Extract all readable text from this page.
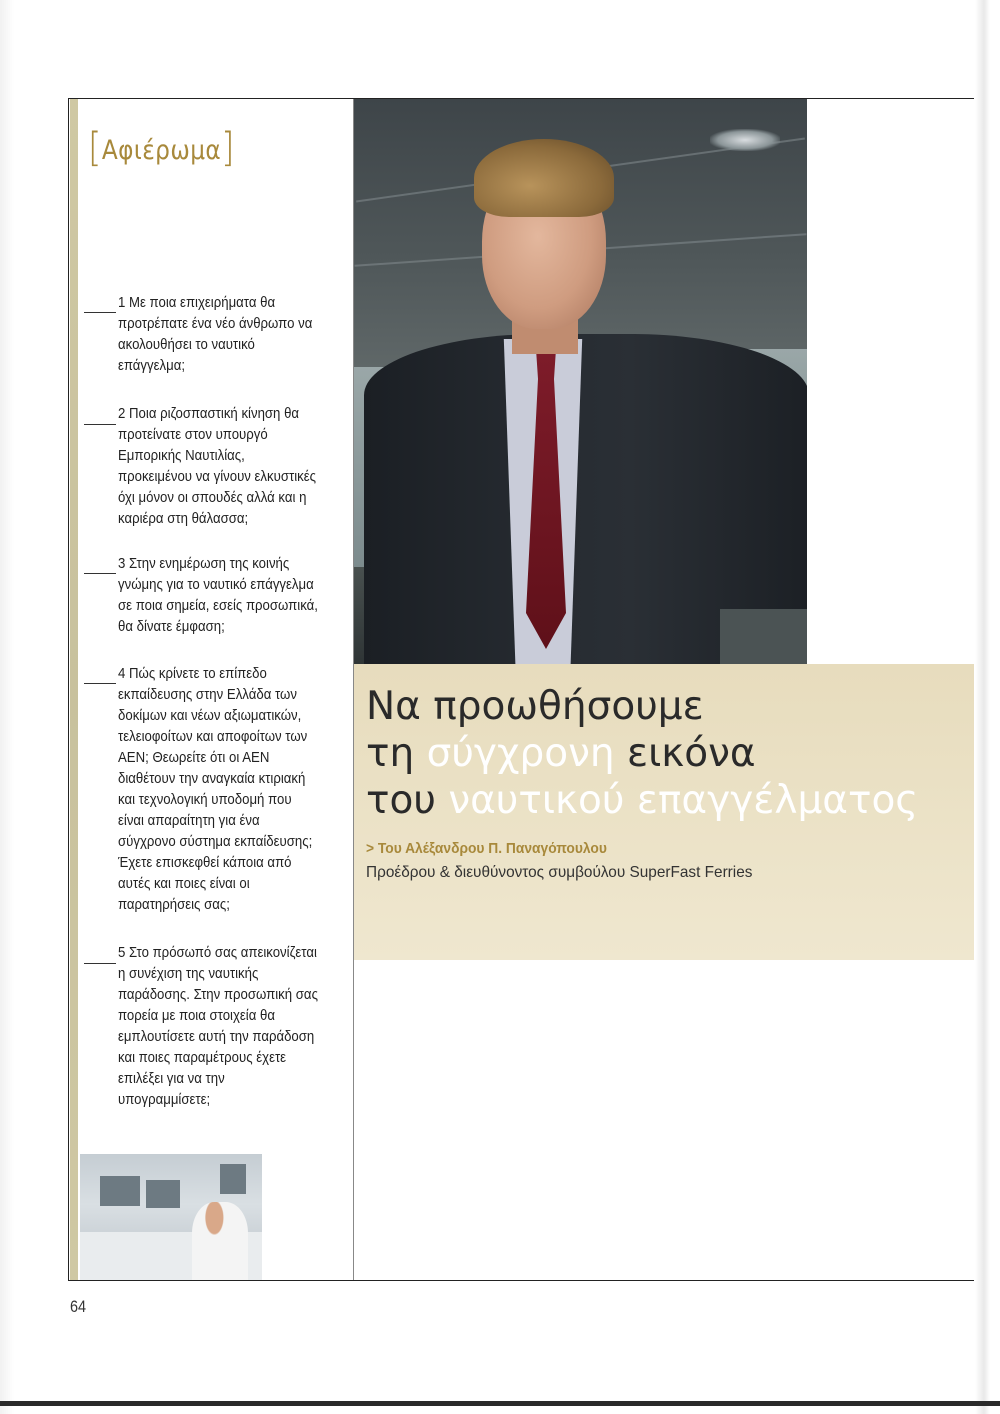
[Αφιέρωμα]
1 Με ποια επιχειρήματα θα προτρέπατε ένα νέο άνθρωπο να ακολουθήσει το ναυτικό επάγγελμα;
2 Ποια ριζοσπαστική κίνηση θα προτείνατε στον υπουργό Εμπορικής Ναυτιλίας, προκειμένου να γίνουν ελκυστικές όχι μόνον οι σπουδές αλλά και η καριέρα στη θάλασσα;
3 Στην ενημέρωση της κοινής γνώμης για το ναυτικό επάγγελμα σε ποια σημεία, εσείς προσωπικά, θα δίνατε έμφαση;
4 Πώς κρίνετε το επίπεδο εκπαίδευσης στην Ελλάδα των δοκίμων και νέων αξιωματικών, τελειοφοίτων και αποφοίτων των ΑΕΝ; Θεωρείτε ότι οι ΑΕΝ διαθέτουν την αναγκαία κτιριακή και τεχνολογική υποδομή που είναι απαραίτητη για ένα σύγχρονο σύστημα εκπαίδευσης; Έχετε επισκεφθεί κάποια από αυτές και ποιες είναι οι παρατηρήσεις σας;
5 Στο πρόσωπό σας απεικονίζεται η συνέχιση της ναυτικής παράδοσης. Στην προσωπική σας πορεία με ποια στοιχεία θα εμπλουτίσετε αυτή την παράδοση και ποιες παραμέτρους έχετε επιλέξει για να την υπογραμμίσετε;
Να προωθήσουμε
τη σύγχρονη εικόνα
του ναυτικού επαγγέλματος
> Του Αλέξανδρου Π. Παναγόπουλου
Προέδρου & διευθύνοντος συμβούλου SuperFast Ferries
64
